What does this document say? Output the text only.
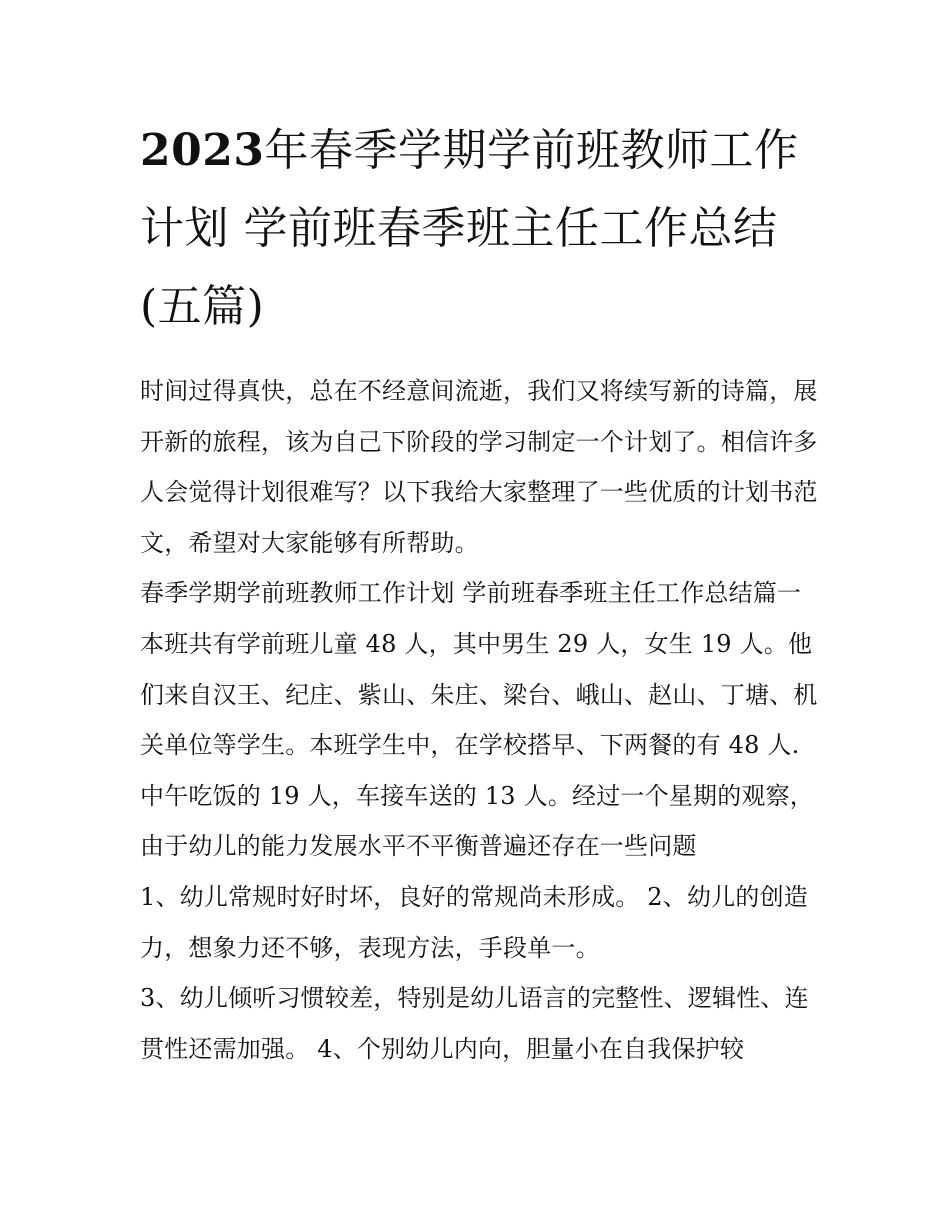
2023年春季学期学前班教师工作计划 学前班春季班主任工作总结(五篇)

时间过得真快，总在不经意间流逝，我们又将续写新的诗篇，展开新的旅程，该为自己下阶段的学习制定一个计划了。相信许多人会觉得计划很难写？以下我给大家整理了一些优质的计划书范文，希望对大家能够有所帮助。

春季学期学前班教师工作计划 学前班春季班主任工作总结篇一

本班共有学前班儿童 48 人，其中男生 29 人，女生 19 人。他们来自汉王、纪庄、紫山、朱庄、梁台、峨山、赵山、丁塘、机关单位等学生。本班学生中，在学校搭早、下两餐的有 48 人.中午吃饭的 19 人，车接车送的 13 人。经过一个星期的观察，由于幼儿的能力发展水平不平衡普遍还存在一些问题

1、幼儿常规时好时坏，良好的常规尚未形成。 2、幼儿的创造力，想象力还不够，表现方法，手段单一。

3、幼儿倾听习惯较差，特别是幼儿语言的完整性、逻辑性、连贯性还需加强。 4、个别幼儿内向，胆量小在自我保护较
